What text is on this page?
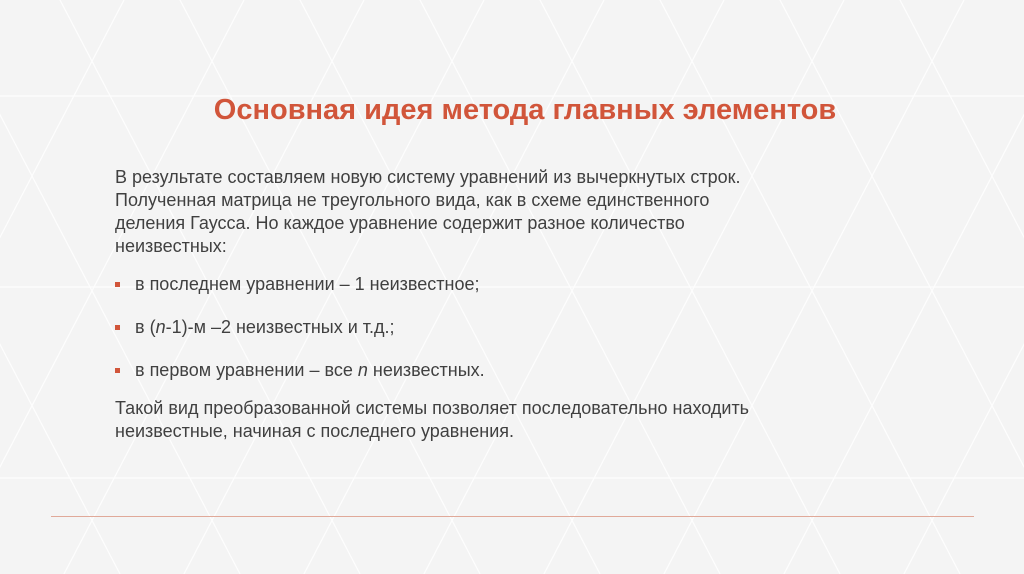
Основная идея метода главных элементов
В результате составляем новую систему уравнений из вычеркнутых строк.
Полученная матрица не треугольного вида, как в схеме единственного
деления Гаусса. Но каждое уравнение содержит разное количество
неизвестных:
в последнем уравнении – 1 неизвестное;
в (n-1)-м –2 неизвестных и т.д.;
в первом уравнении – все n неизвестных.
Такой вид преобразованной системы позволяет последовательно находить
неизвестные, начиная с последнего уравнения.
